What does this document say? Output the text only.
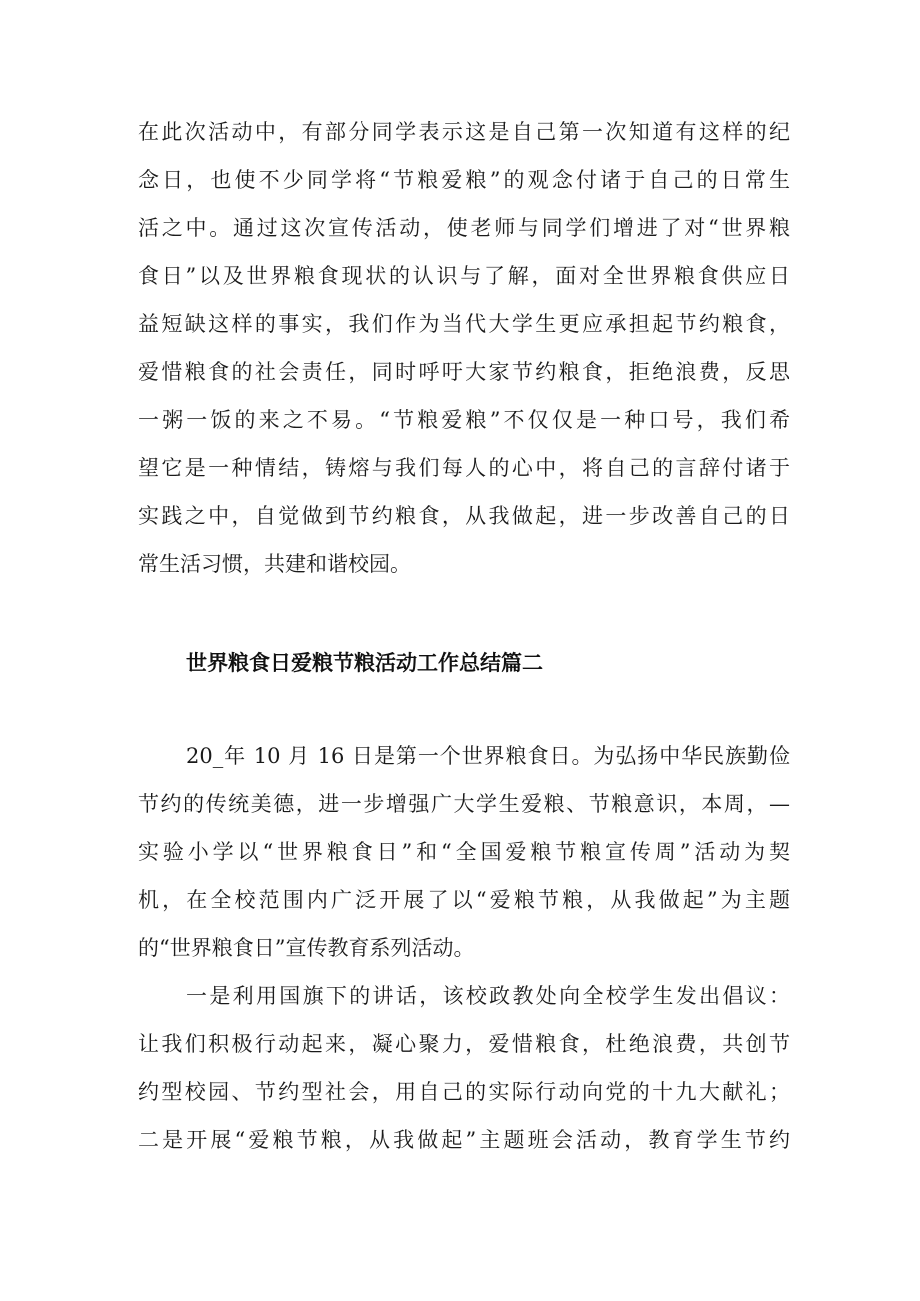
在此次活动中，有部分同学表示这是自己第一次知道有这样的纪
念日，也使不少同学将“节粮爱粮”的观念付诸于自己的日常生
活之中。通过这次宣传活动，使老师与同学们增进了对“世界粮
食日”以及世界粮食现状的认识与了解，面对全世界粮食供应日
益短缺这样的事实，我们作为当代大学生更应承担起节约粮食，
爱惜粮食的社会责任，同时呼吁大家节约粮食，拒绝浪费，反思
一粥一饭的来之不易。“节粮爱粮”不仅仅是一种口号，我们希
望它是一种情结，铸熔与我们每人的心中，将自己的言辞付诸于
实践之中，自觉做到节约粮食，从我做起，进一步改善自己的日
常生活习惯，共建和谐校园。
世界粮食日爱粮节粮活动工作总结篇二
20_年 10 月 16 日是第一个世界粮食日。为弘扬中华民族勤俭
节约的传统美德，进一步增强广大学生爱粮、节粮意识，本周，—
实验小学以“世界粮食日”和“全国爱粮节粮宣传周”活动为契
机，在全校范围内广泛开展了以“爱粮节粮，从我做起”为主题
的“世界粮食日”宣传教育系列活动。
一是利用国旗下的讲话，该校政教处向全校学生发出倡议：
让我们积极行动起来，凝心聚力，爱惜粮食，杜绝浪费，共创节
约型校园、节约型社会，用自己的实际行动向党的十九大献礼；
二是开展“爱粮节粮，从我做起”主题班会活动，教育学生节约
